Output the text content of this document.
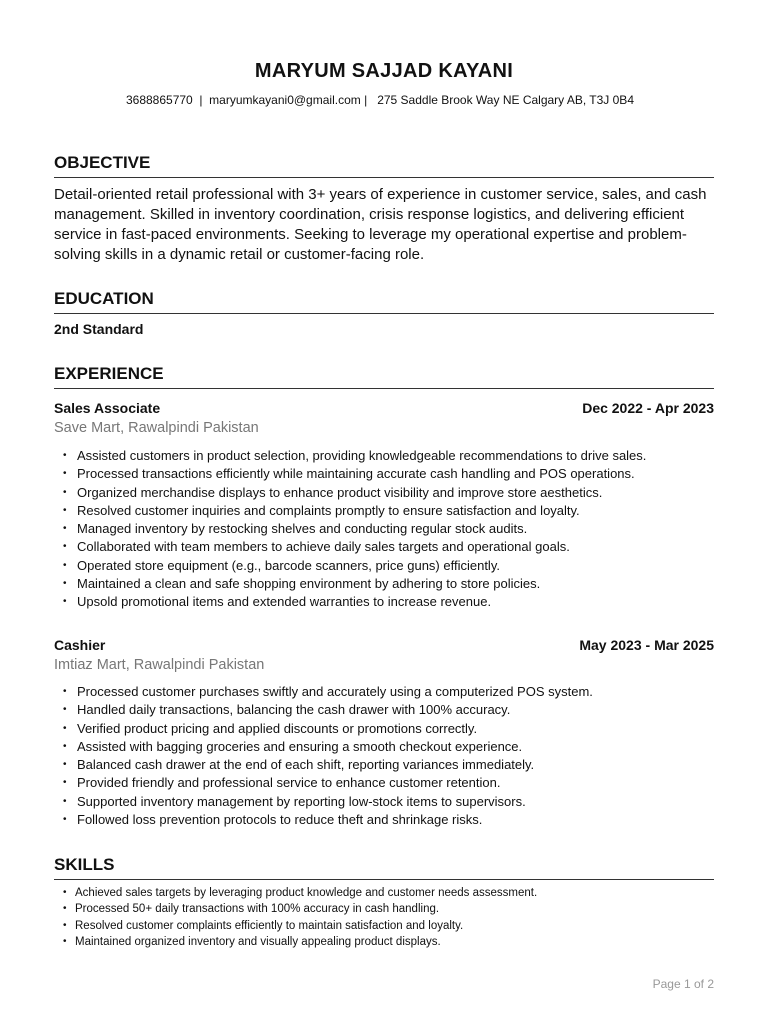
MARYUM SAJJAD KAYANI
3688865770  |  maryumkayani0@gmail.com |   275 Saddle Brook Way NE Calgary AB, T3J 0B4
OBJECTIVE
Detail-oriented retail professional with 3+ years of experience in customer service, sales, and cash management. Skilled in inventory coordination, crisis response logistics, and delivering efficient service in fast-paced environments. Seeking to leverage my operational expertise and problem-solving skills in a dynamic retail or customer-facing role.
EDUCATION
2nd Standard
EXPERIENCE
Sales Associate	Dec 2022 - Apr 2023
Save Mart, Rawalpindi Pakistan
• Assisted customers in product selection, providing knowledgeable recommendations to drive sales.
• Processed transactions efficiently while maintaining accurate cash handling and POS operations.
• Organized merchandise displays to enhance product visibility and improve store aesthetics.
• Resolved customer inquiries and complaints promptly to ensure satisfaction and loyalty.
• Managed inventory by restocking shelves and conducting regular stock audits.
• Collaborated with team members to achieve daily sales targets and operational goals.
• Operated store equipment (e.g., barcode scanners, price guns) efficiently.
• Maintained a clean and safe shopping environment by adhering to store policies.
• Upsold promotional items and extended warranties to increase revenue.
Cashier	May 2023 - Mar 2025
Imtiaz Mart, Rawalpindi Pakistan
• Processed customer purchases swiftly and accurately using a computerized POS system.
• Handled daily transactions, balancing the cash drawer with 100% accuracy.
• Verified product pricing and applied discounts or promotions correctly.
• Assisted with bagging groceries and ensuring a smooth checkout experience.
• Balanced cash drawer at the end of each shift, reporting variances immediately.
• Provided friendly and professional service to enhance customer retention.
• Supported inventory management by reporting low-stock items to supervisors.
• Followed loss prevention protocols to reduce theft and shrinkage risks.
SKILLS
• Achieved sales targets by leveraging product knowledge and customer needs assessment.
• Processed 50+ daily transactions with 100% accuracy in cash handling.
• Resolved customer complaints efficiently to maintain satisfaction and loyalty.
• Maintained organized inventory and visually appealing product displays.
Page 1 of 2
